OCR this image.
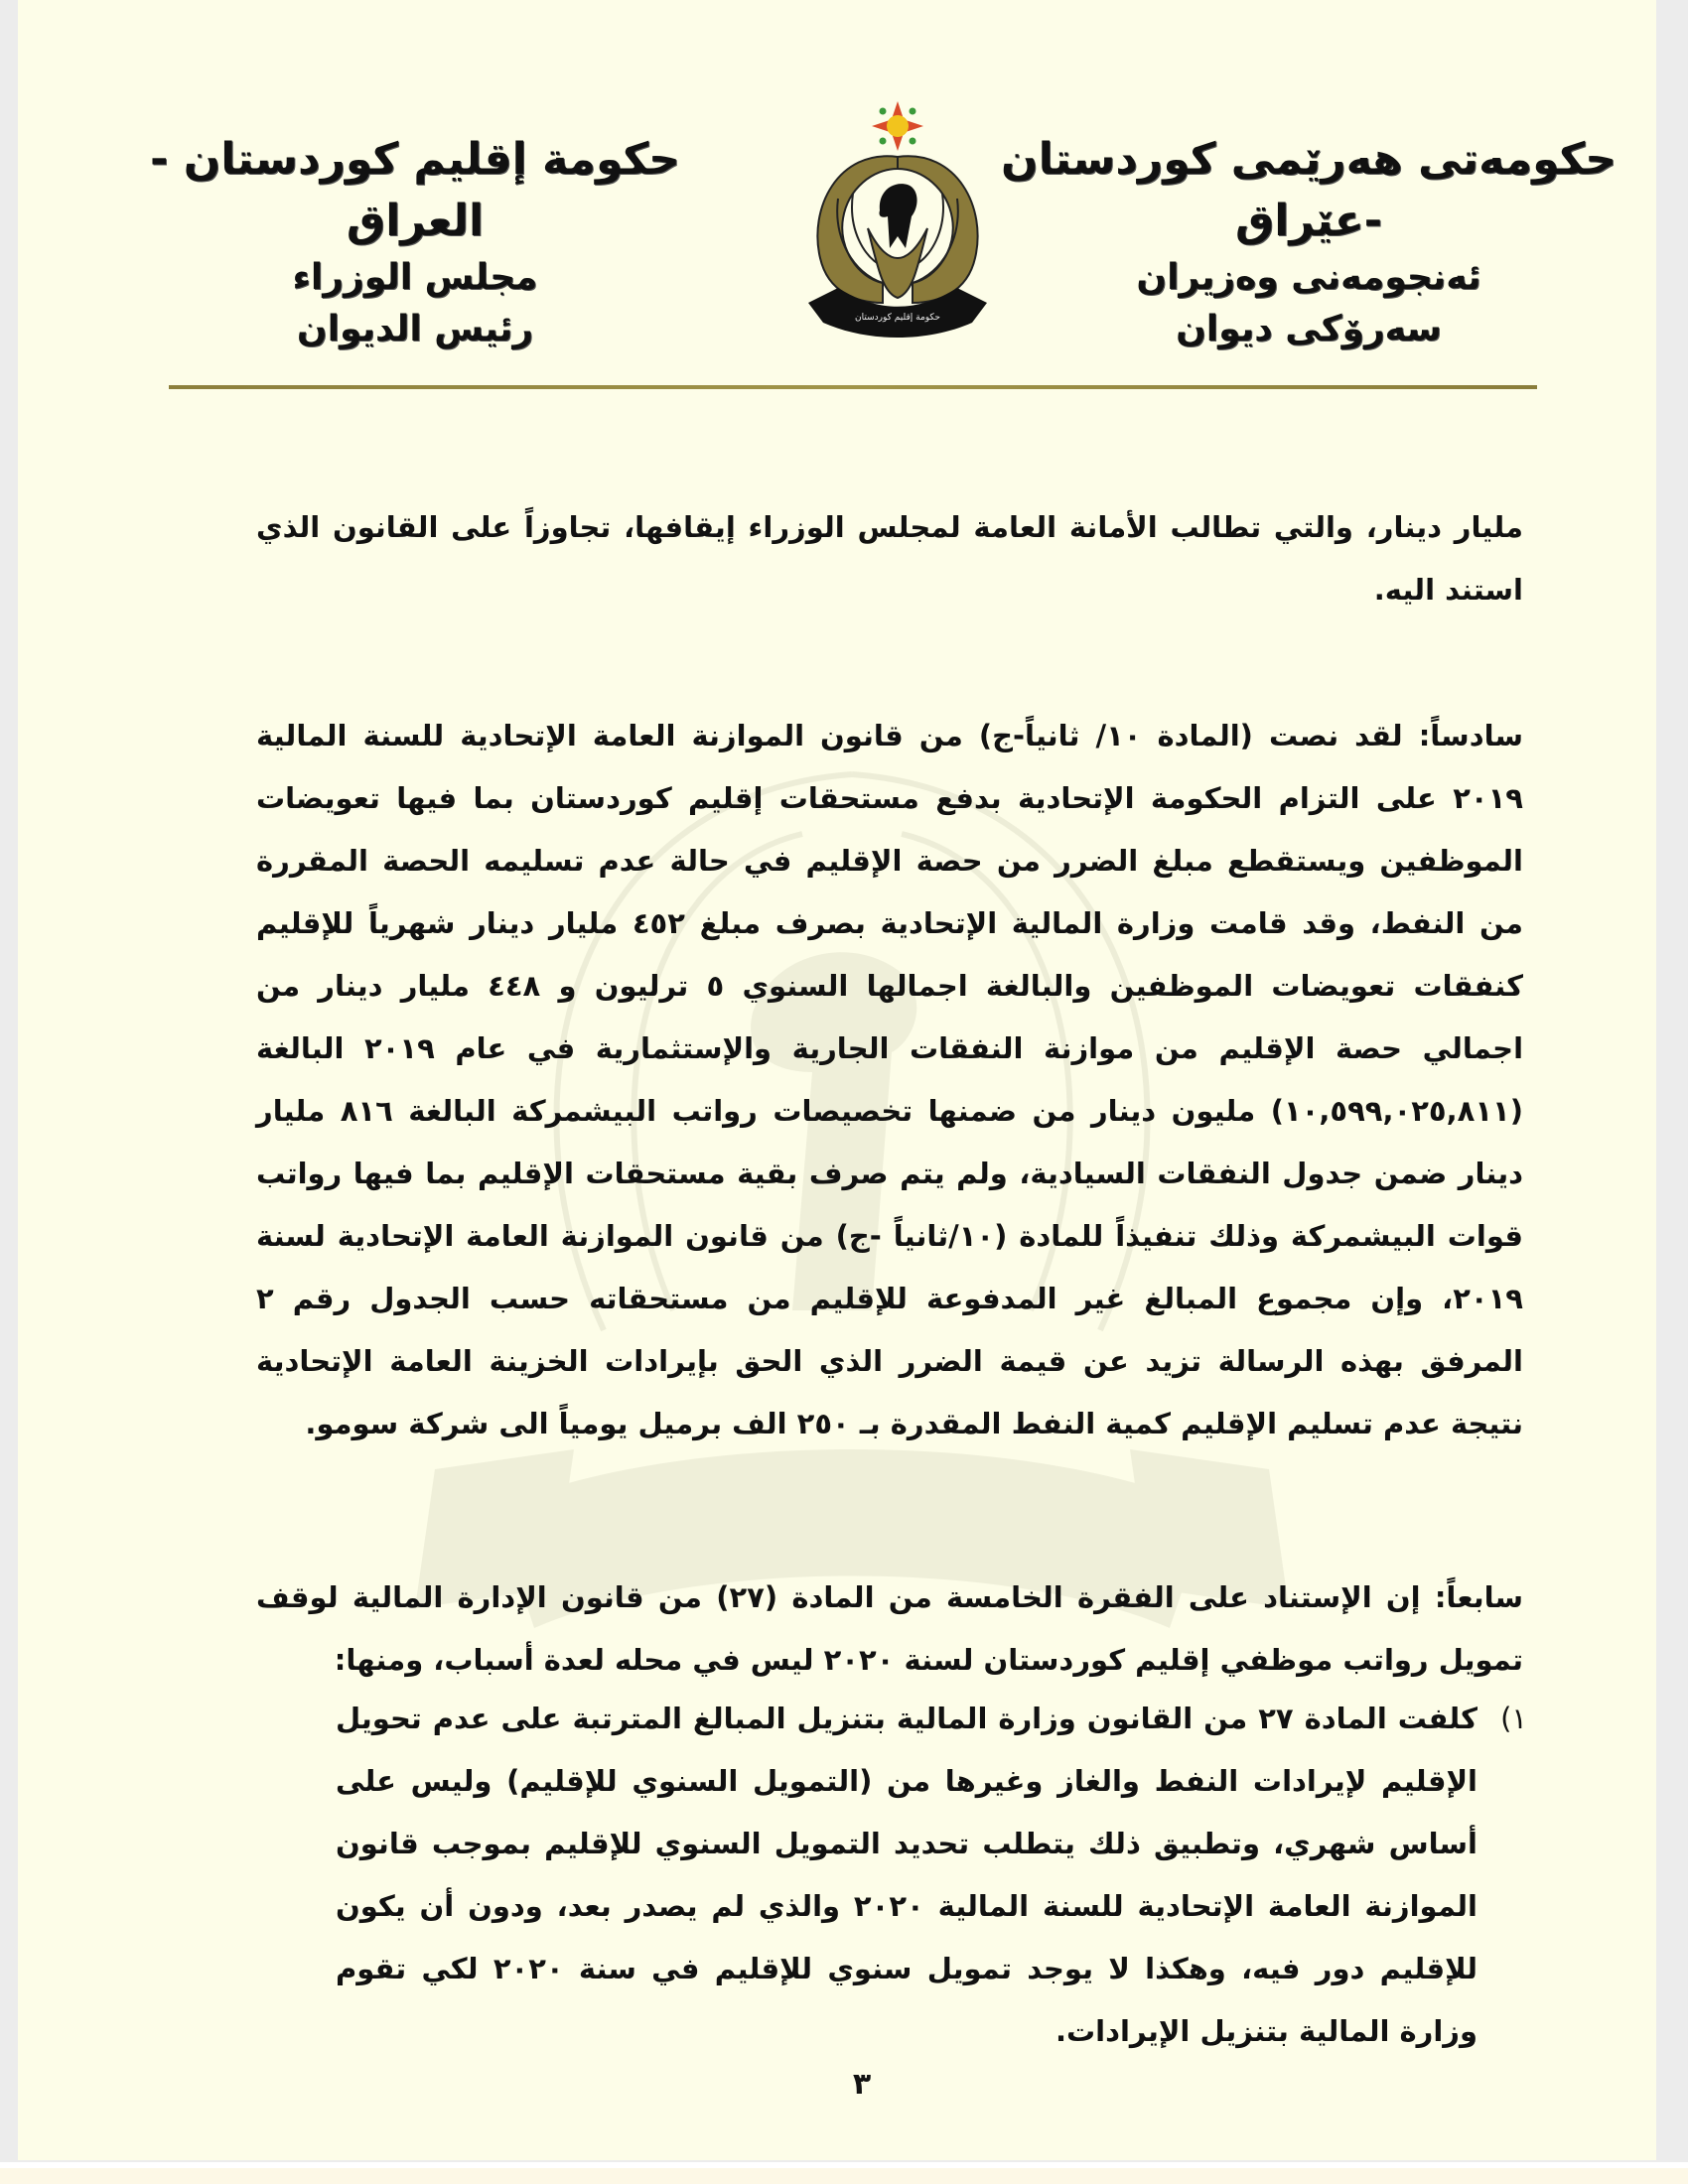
حکومەتی هەرێمی کوردستان -عێراق
ئەنجومەنی وەزیران
سەرۆکی دیوان
حكومة إقليم كوردستان
حكومة إقليم كوردستان - العراق
مجلس الوزراء
رئيس الديوان

مليار دينار، والتي تطالب الأمانة العامة لمجلس الوزراء إيقافها، تجاوزاً على القانون الذي استند اليه.

سادساً: لقد نصت (المادة ١٠/ ثانياً-ج) من قانون الموازنة العامة الإتحادية للسنة المالية ٢٠١٩ على التزام الحكومة الإتحادية بدفع مستحقات إقليم كوردستان بما فيها تعويضات الموظفين ويستقطع مبلغ الضرر من حصة الإقليم في حالة عدم تسليمه الحصة المقررة من النفط، وقد قامت وزارة المالية الإتحادية بصرف مبلغ ٤٥٢ مليار دينار شهرياً للإقليم كنفقات تعويضات الموظفين والبالغة اجمالها السنوي ٥ ترليون و ٤٤٨ مليار دينار من اجمالي حصة الإقليم من موازنة النفقات الجارية والإستثمارية في عام ٢٠١٩ البالغة (١٠,٥٩٩,٠٢٥,٨١١) مليون دينار من ضمنها تخصيصات رواتب البيشمركة البالغة ٨١٦ مليار دينار ضمن جدول النفقات السيادية، ولم يتم صرف بقية مستحقات الإقليم بما فيها رواتب قوات البيشمركة وذلك تنفيذاً للمادة (١٠/ثانياً -ج) من قانون الموازنة العامة الإتحادية لسنة ٢٠١٩، وإن مجموع المبالغ غير المدفوعة للإقليم من مستحقاته حسب الجدول رقم ٢ المرفق بهذه الرسالة تزيد عن قيمة الضرر الذي الحق بإيرادات الخزينة العامة الإتحادية نتيجة عدم تسليم الإقليم كمية النفط المقدرة بـ ٢٥٠ الف برميل يومياً الى شركة سومو.

سابعاً: إن الإستناد على الفقرة الخامسة من المادة (٢٧) من قانون الإدارة المالية لوقف تمويل رواتب موظفي إقليم كوردستان لسنة ٢٠٢٠ ليس في محله لعدة أسباب، ومنها:

١)

كلفت المادة ٢٧ من القانون وزارة المالية بتنزيل المبالغ المترتبة على عدم تحويل الإقليم لإيرادات النفط والغاز وغيرها من (التمويل السنوي للإقليم) وليس على أساس شهري، وتطبيق ذلك يتطلب تحديد التمويل السنوي للإقليم بموجب قانون الموازنة العامة الإتحادية للسنة المالية ٢٠٢٠ والذي لم يصدر بعد، ودون أن يكون للإقليم دور فيه، وهكذا لا يوجد تمويل سنوي للإقليم في سنة ٢٠٢٠ لكي تقوم وزارة المالية بتنزيل الإيرادات.

٣
